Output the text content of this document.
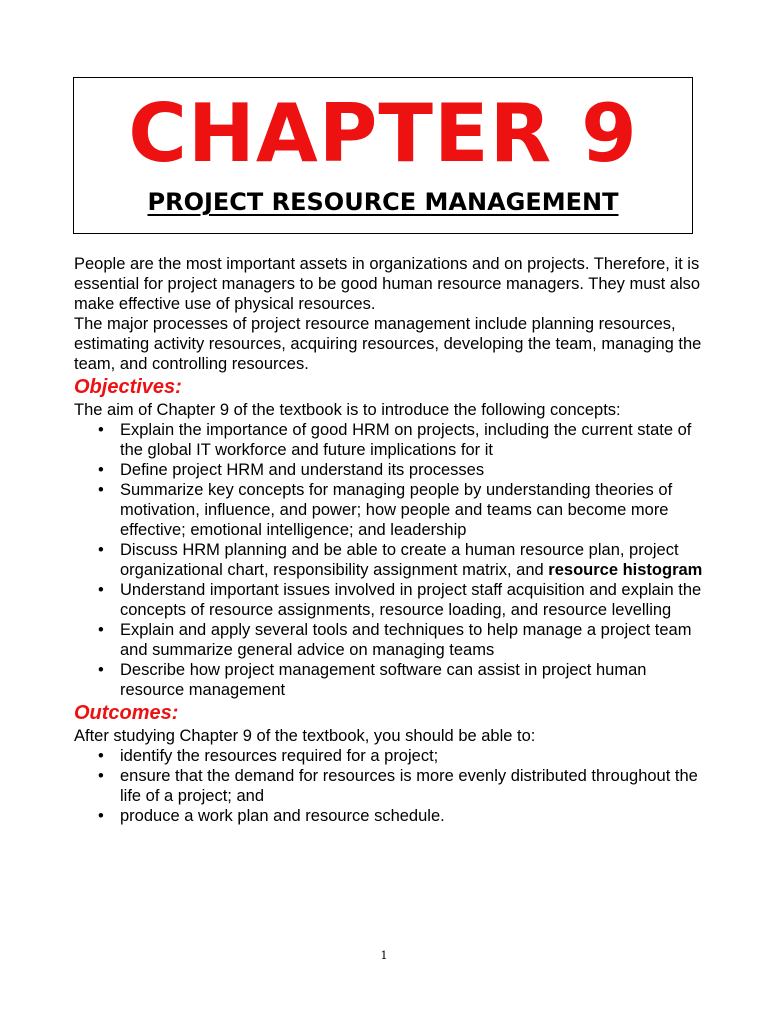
CHAPTER 9
PROJECT RESOURCE MANAGEMENT

People are the most important assets in organizations and on projects. Therefore, it is essential for project managers to be good human resource managers. They must also make effective use of physical resources.

The major processes of project resource management include planning resources, estimating activity resources, acquiring resources, developing the team, managing the team, and controlling resources.

Objectives:

The aim of Chapter 9 of the textbook is to introduce the following concepts:

• Explain the importance of good HRM on projects, including the current state of the global IT workforce and future implications for it
• Define project HRM and understand its processes
• Summarize key concepts for managing people by understanding theories of motivation, influence, and power; how people and teams can become more effective; emotional intelligence; and leadership
• Discuss HRM planning and be able to create a human resource plan, project organizational chart, responsibility assignment matrix, and resource histogram
• Understand important issues involved in project staff acquisition and explain the concepts of resource assignments, resource loading, and resource levelling
• Explain and apply several tools and techniques to help manage a project team and summarize general advice on managing teams
• Describe how project management software can assist in project human resource management

Outcomes:

After studying Chapter 9 of the textbook, you should be able to:

• identify the resources required for a project;
• ensure that the demand for resources is more evenly distributed throughout the life of a project; and
• produce a work plan and resource schedule.
1
